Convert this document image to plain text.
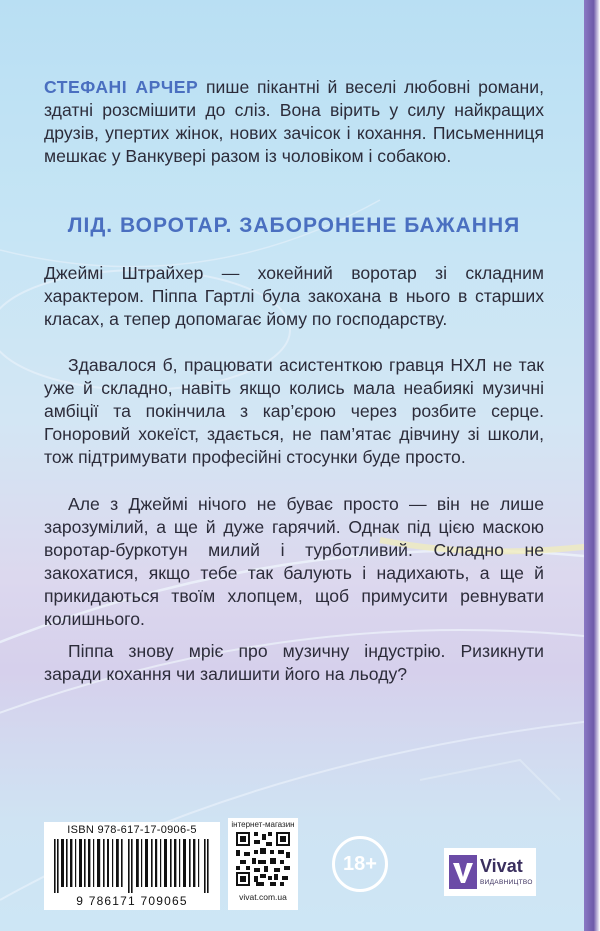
СТЕФАНІ АРЧЕР пише пікантні й веселі любовні романи, здатні розсмішити до сліз. Вона вірить у силу найкращих друзів, упертих жінок, нових зачісок і кохання. Письменниця мешкає у Ванкувері разом із чоловіком і собакою.

ЛІД. ВОРОТАР. ЗАБОРОНЕНЕ БАЖАННЯ

Джеймі Штрайхер — хокейний воротар зі складним характером. Піппа Гартлі була закохана в нього в старших класах, а тепер допомагає йому по господарству.

Здавалося б, працювати асистенткою гравця НХЛ не так уже й складно, навіть якщо колись мала неабиякі музичні амбіції та покінчила з кар’єрою через розбите серце. Гоноровий хокеїст, здається, не пам’ятає дівчину зі школи, тож підтримувати професійні стосунки буде просто.

Але з Джеймі нічого не буває просто — він не лише зарозумілий, а ще й дуже гарячий. Однак під цією маскою воротар-буркотун милий і турботливий. Складно не закохатися, якщо тебе так балують і надихають, а ще й прикидаються твоїм хлопцем, щоб примусити ревнувати колишнього.

Піппа знову мріє про музичну індустрію. Ризикнути заради кохання чи залишити його на льоду?

ISBN 978-617-17-0906-5
9 786171 709065
інтернет-магазин
vivat.com.ua
18+	Vivat
ВИДАВНИЦТВО
